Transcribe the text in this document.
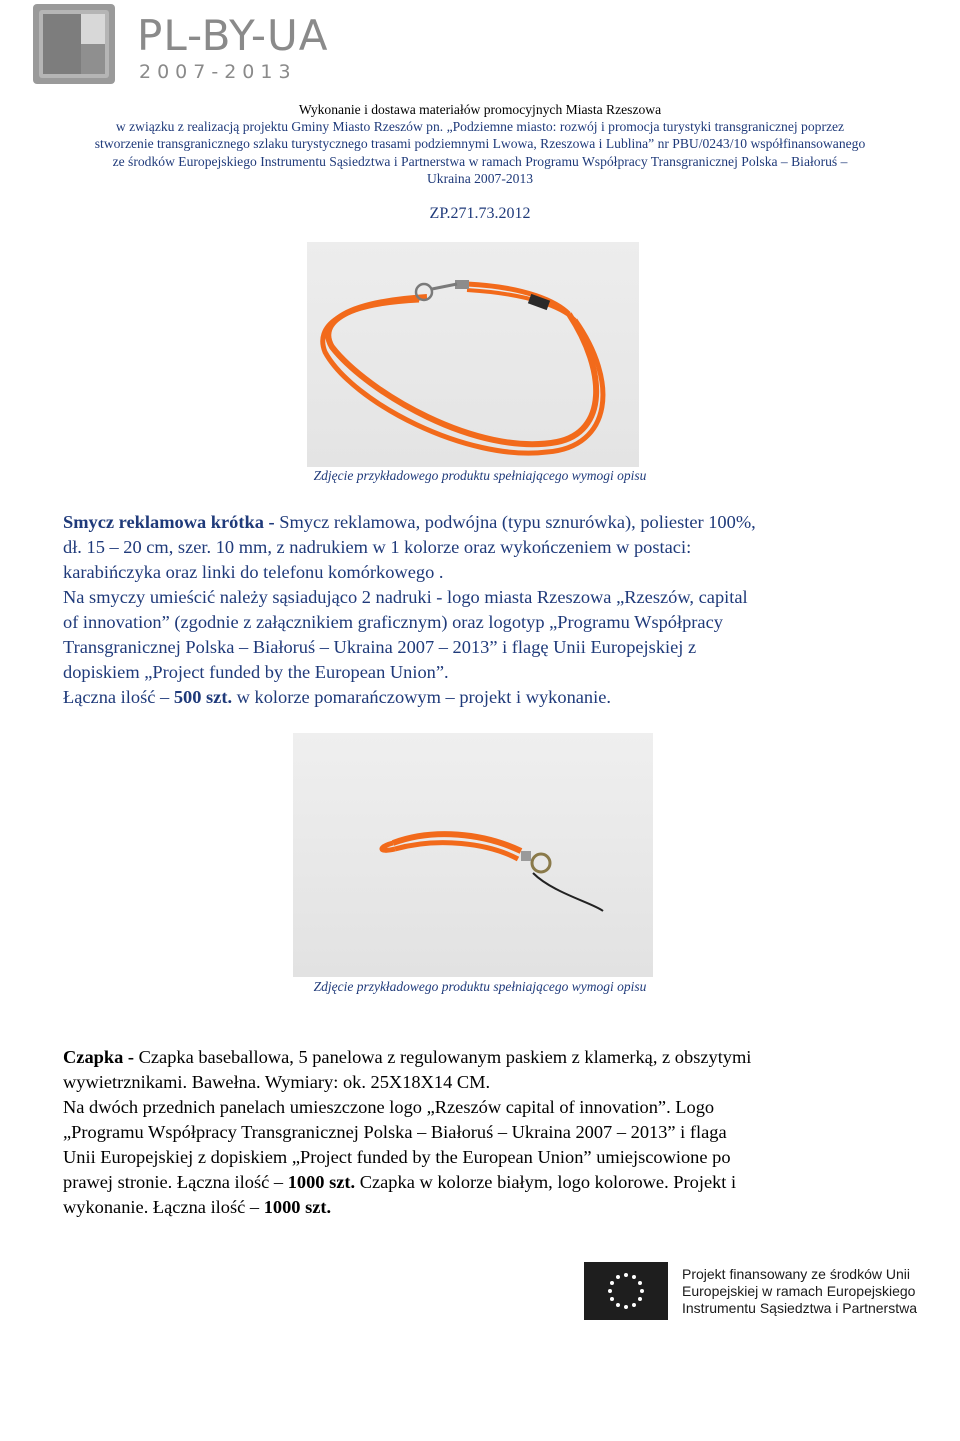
PL-BY-UA
2007-2013
Wykonanie i dostawa materiałów promocyjnych Miasta Rzeszowa
w związku z realizacją projektu Gminy Miasto Rzeszów pn. „Podziemne miasto: rozwój i promocja turystyki transgranicznej poprzez
stworzenie transgranicznego szlaku turystycznego trasami podziemnymi Lwowa, Rzeszowa i Lublina” nr PBU/0243/10 współfinansowanego
ze środków Europejskiego Instrumentu Sąsiedztwa i Partnerstwa w ramach Programu Współpracy Transgranicznej Polska – Białoruś –
Ukraina 2007-2013
ZP.271.73.2012
Zdjęcie przykładowego produktu spełniającego wymogi opisu
Smycz reklamowa krótka - Smycz reklamowa, podwójna (typu sznurówka), poliester 100%,
dł. 15 – 20 cm, szer. 10 mm, z nadrukiem w 1 kolorze oraz wykończeniem w postaci:
karabińczyka oraz linki do telefonu komórkowego .
Na smyczy umieścić należy sąsiadująco 2 nadruki - logo miasta Rzeszowa „Rzeszów, capital
of innovation” (zgodnie z załącznikiem graficznym) oraz logotyp „Programu Współpracy
Transgranicznej Polska – Białoruś – Ukraina 2007 – 2013” i flagę Unii Europejskiej z
dopiskiem „Project funded by the European Union”.
Łączna ilość – 500 szt. w kolorze pomarańczowym – projekt i wykonanie.
Zdjęcie przykładowego produktu spełniającego wymogi opisu
Czapka - Czapka baseballowa, 5 panelowa z regulowanym paskiem z klamerką, z obszytymi
wywietrznikami. Bawełna. Wymiary: ok. 25X18X14 CM.
Na dwóch przednich panelach umieszczone logo „Rzeszów capital of innovation”. Logo
„Programu Współpracy Transgranicznej Polska – Białoruś – Ukraina 2007 – 2013” i flaga
Unii Europejskiej z dopiskiem „Project funded by the European Union” umiejscowione po
prawej stronie. Łączna ilość – 1000 szt. Czapka w kolorze białym, logo kolorowe. Projekt i
wykonanie. Łączna ilość – 1000 szt.
Projekt finansowany ze środków Unii
Europejskiej w ramach Europejskiego
Instrumentu Sąsiedztwa i Partnerstwa
